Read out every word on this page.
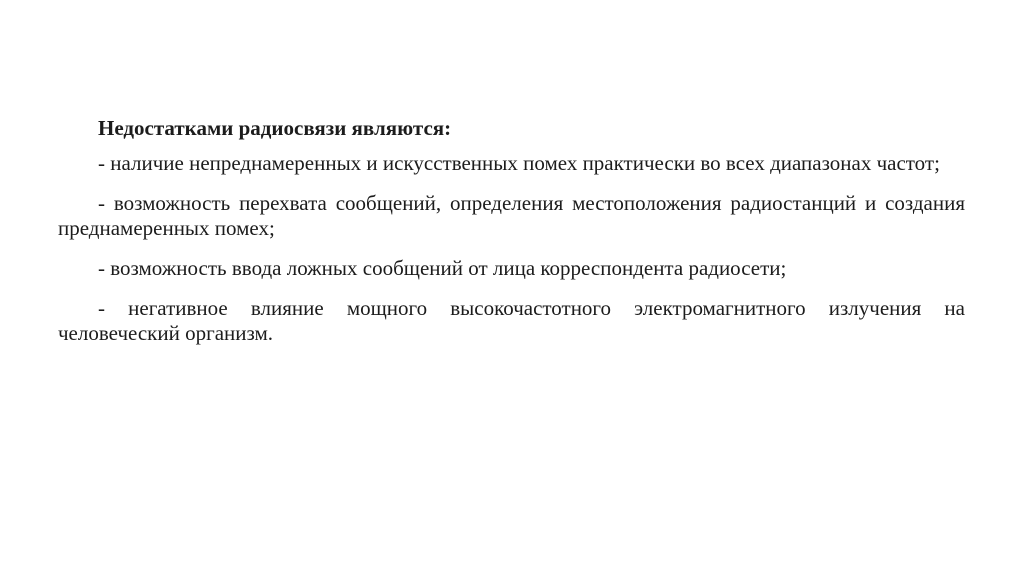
Недостатками радиосвязи являются:

- наличие непреднамеренных и искусственных помех практически во всех диапазонах частот;

- возможность перехвата сообщений, определения местоположения радиостанций и создания преднамеренных помех;

- возможность ввода ложных сообщений от лица корреспондента радиосети;

- негативное влияние мощного высокочастотного электромагнитного излучения на человеческий организм.
